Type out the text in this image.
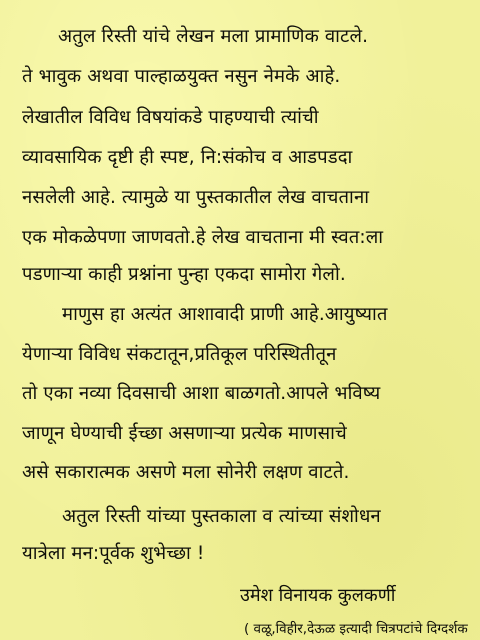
अतुल रिस्ती यांचे लेखन मला प्रामाणिक वाटले.
ते भावुक अथवा पाल्हाळयुक्त नसुन नेमके आहे.
लेखातील विविध विषयांकडे पाहण्याची त्यांची
व्यावसायिक दृष्टी ही स्पष्ट, नि:संकोच व आडपडदा
नसलेली आहे. त्यामुळे या पुस्तकातील लेख वाचताना
एक मोकळेपणा जाणवतो.हे लेख वाचताना मी स्वत:ला
पडणाऱ्या काही प्रश्नांना पुन्हा एकदा सामोरा गेलो.
माणुस हा अत्यंत आशावादी प्राणी आहे.आयुष्यात
येणाऱ्या विविध संकटातून,प्रतिकूल परिस्थितीतून
तो एका नव्या दिवसाची आशा बाळगतो.आपले भविष्य
जाणून घेण्याची ईच्छा असणाऱ्या प्रत्येक माणसाचे
असे सकारात्मक असणे मला सोनेरी लक्षण वाटते.
अतुल रिस्ती यांच्या पुस्तकाला व त्यांच्या संशोधन
यात्रेला मन:पूर्वक शुभेच्छा !
उमेश विनायक कुलकर्णी
( वळू,विहीर,देऊळ इत्यादी चित्रपटांचे दिग्दर्शक
